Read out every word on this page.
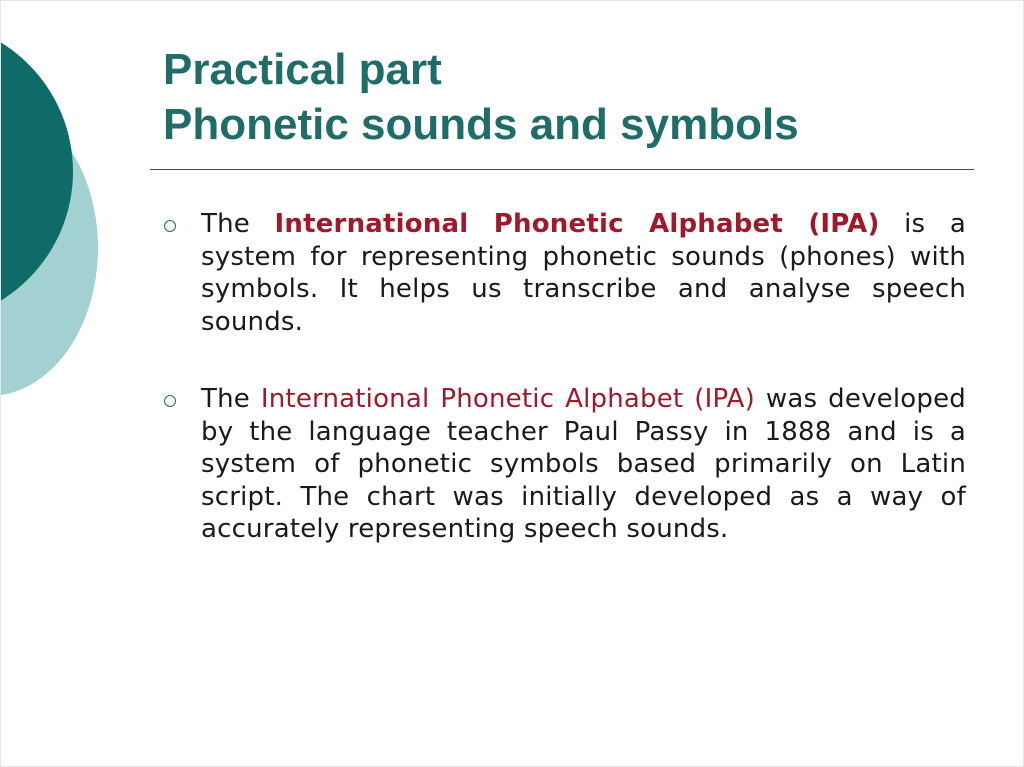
Practical part
Phonetic sounds and symbols
The International Phonetic Alphabet (IPA) is a system for representing phonetic sounds (phones) with symbols. It helps us transcribe and analyse speech sounds.
The International Phonetic Alphabet (IPA) was developed by the language teacher Paul Passy in 1888 and is a system of phonetic symbols based primarily on Latin script. The chart was initially developed as a way of accurately representing speech sounds.
